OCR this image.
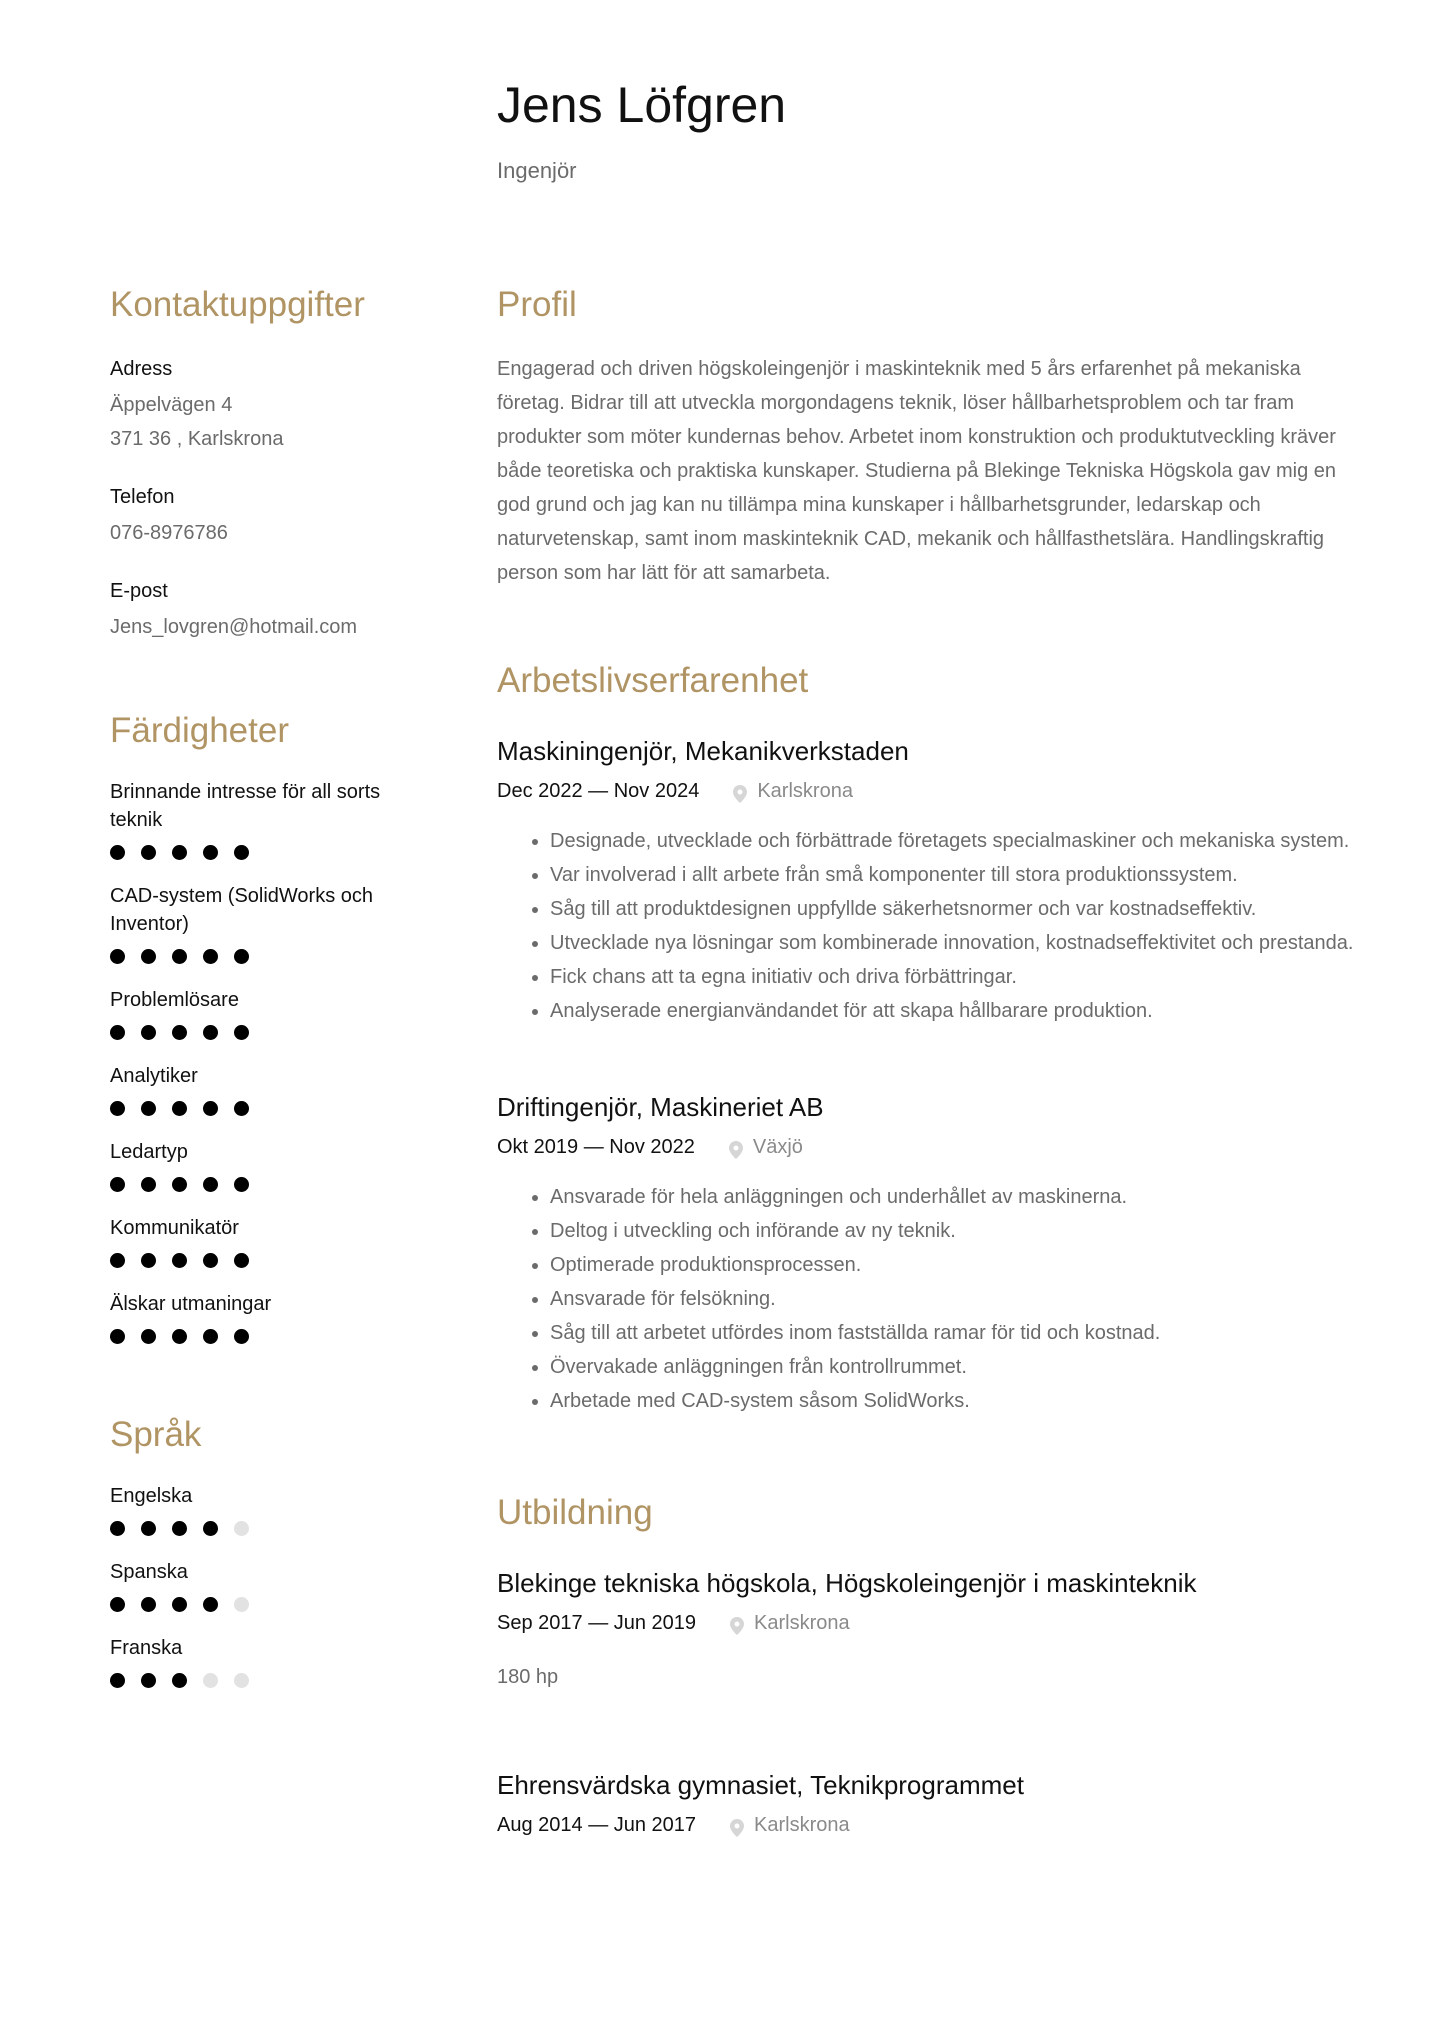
Jens Löfgren
Ingenjör
Kontaktuppgifter
Adress
Äppelvägen 4
371 36 , Karlskrona
Telefon
076-8976786
E-post
Jens_lovgren@hotmail.com
Färdigheter
Brinnande intresse för all sorts teknik
CAD-system (SolidWorks och Inventor)
Problemlösare
Analytiker
Ledartyp
Kommunikatör
Älskar utmaningar
Språk
Engelska
Spanska
Franska
Profil
Engagerad och driven högskoleingenjör i maskinteknik med 5 års erfarenhet på mekaniska företag. Bidrar till att utveckla morgondagens teknik, löser hållbarhetsproblem och tar fram produkter som möter kundernas behov. Arbetet inom konstruktion och produktutveckling kräver både teoretiska och praktiska kunskaper. Studierna på Blekinge Tekniska Högskola gav mig en god grund och jag kan nu tillämpa mina kunskaper i hållbarhetsgrunder, ledarskap och naturvetenskap, samt inom maskinteknik CAD, mekanik och hållfasthetslära. Handlingskraftig person som har lätt för att samarbeta.
Arbetslivserfarenhet
Maskiningenjör, Mekanikverkstaden
Dec 2022 — Nov 2024	Karlskrona
• Designade, utvecklade och förbättrade företagets specialmaskiner och mekaniska system.
• Var involverad i allt arbete från små komponenter till stora produktionssystem.
• Såg till att produktdesignen uppfyllde säkerhetsnormer och var kostnadseffektiv.
• Utvecklade nya lösningar som kombinerade innovation, kostnadseffektivitet och prestanda.
• Fick chans att ta egna initiativ och driva förbättringar.
• Analyserade energianvändandet för att skapa hållbarare produktion.
Driftingenjör, Maskineriet AB
Okt 2019 — Nov 2022	Växjö
• Ansvarade för hela anläggningen och underhållet av maskinerna.
• Deltog i utveckling och införande av ny teknik.
• Optimerade produktionsprocessen.
• Ansvarade för felsökning.
• Såg till att arbetet utfördes inom fastställda ramar för tid och kostnad.
• Övervakade anläggningen från kontrollrummet.
• Arbetade med CAD-system såsom SolidWorks.
Utbildning
Blekinge tekniska högskola, Högskoleingenjör i maskinteknik
Sep 2017 — Jun 2019	Karlskrona
180 hp
Ehrensvärdska gymnasiet, Teknikprogrammet
Aug 2014 — Jun 2017	Karlskrona
